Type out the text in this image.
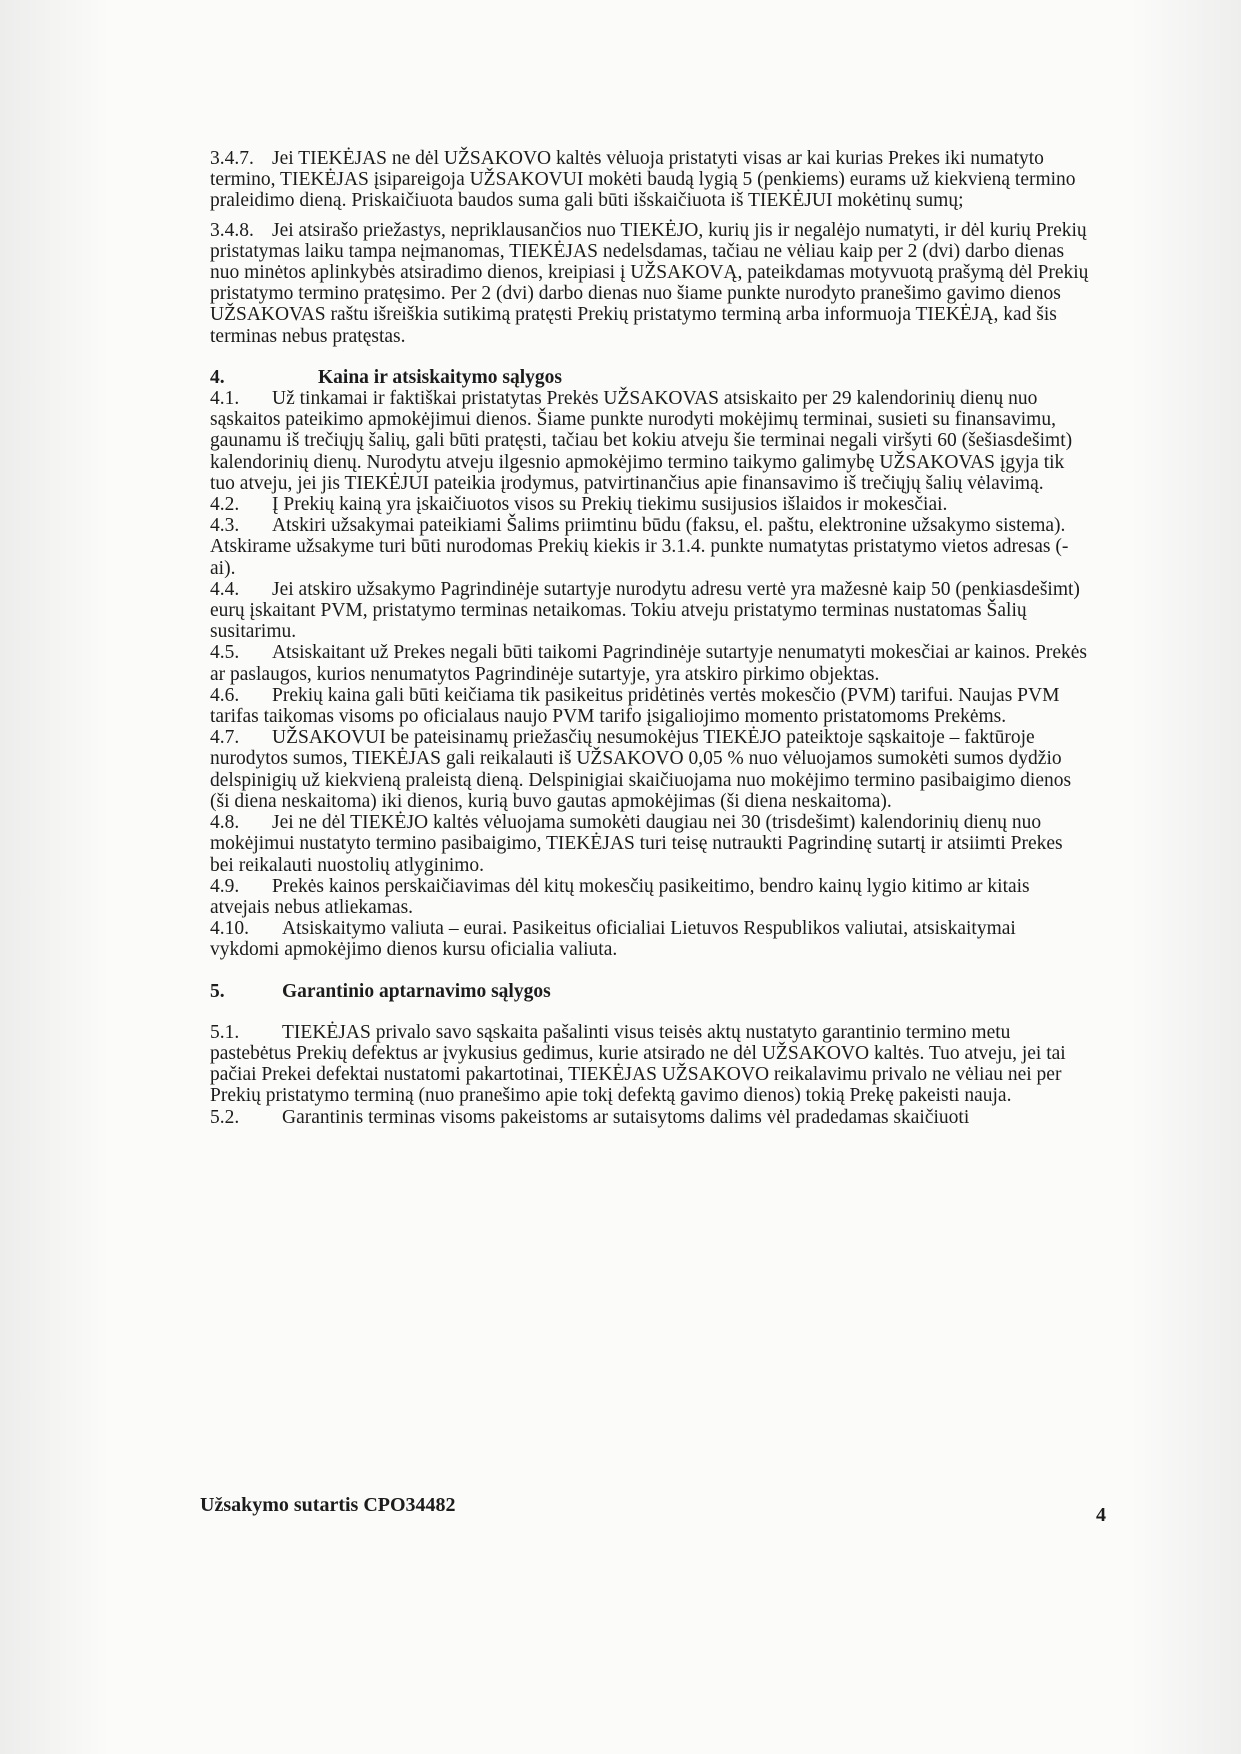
3.4.7. Jei TIEKĖJAS ne dėl UŽSAKOVO kaltės vėluoja pristatyti visas ar kai kurias Prekes iki numatyto termino, TIEKĖJAS įsipareigoja UŽSAKOVUI mokėti baudą lygią 5 (penkiems) eurams už kiekvieną termino praleidimo dieną. Priskaičiuota baudos suma gali būti išskaičiuota iš TIEKĖJUI mokėtinų sumų;

3.4.8. Jei atsirašo priežastys, nepriklausančios nuo TIEKĖJO, kurių jis ir negalėjo numatyti, ir dėl kurių Prekių pristatymas laiku tampa neįmanomas, TIEKĖJAS nedelsdamas, tačiau ne vėliau kaip per 2 (dvi) darbo dienas nuo minėtos aplinkybės atsiradimo dienos, kreipiasi į UŽSAKOVĄ, pateikdamas motyvuotą prašymą dėl Prekių pristatymo termino pratęsimo. Per 2 (dvi) darbo dienas nuo šiame punkte nurodyto pranešimo gavimo dienos UŽSAKOVAS raštu išreiškia sutikimą pratęsti Prekių pristatymo terminą arba informuoja TIEKĖJĄ, kad šis terminas nebus pratęstas.

4.	Kaina ir atsiskaitymo sąlygos

4.1. Už tinkamai ir faktiškai pristatytas Prekės UŽSAKOVAS atsiskaito per 29 kalendorinių dienų nuo sąskaitos pateikimo apmokėjimui dienos. Šiame punkte nurodyti mokėjimų terminai, susieti su finansavimu, gaunamu iš trečiųjų šalių, gali būti pratęsti, tačiau bet kokiu atveju šie terminai negali viršyti 60 (šešiasdešimt) kalendorinių dienų. Nurodytu atveju ilgesnio apmokėjimo termino taikymo galimybę UŽSAKOVAS įgyja tik tuo atveju, jei jis TIEKĖJUI pateikia įrodymus, patvirtinančius apie finansavimo iš trečiųjų šalių vėlavimą.

4.2. Į Prekių kainą yra įskaičiuotos visos su Prekių tiekimu susijusios išlaidos ir mokesčiai.

4.3. Atskiri užsakymai pateikiami Šalims priimtinu būdu (faksu, el. paštu, elektronine užsakymo sistema). Atskirame užsakyme turi būti nurodomas Prekių kiekis ir 3.1.4. punkte numatytas pristatymo vietos adresas (-ai).

4.4. Jei atskiro užsakymo Pagrindinėje sutartyje nurodytu adresu vertė yra mažesnė kaip 50 (penkiasdešimt) eurų įskaitant PVM, pristatymo terminas netaikomas. Tokiu atveju pristatymo terminas nustatomas Šalių susitarimu.

4.5. Atsiskaitant už Prekes negali būti taikomi Pagrindinėje sutartyje nenumatyti mokesčiai ar kainos. Prekės ar paslaugos, kurios nenumatytos Pagrindinėje sutartyje, yra atskiro pirkimo objektas.

4.6. Prekių kaina gali būti keičiama tik pasikeitus pridėtinės vertės mokesčio (PVM) tarifui. Naujas PVM tarifas taikomas visoms po oficialaus naujo PVM tarifo įsigaliojimo momento pristatomoms Prekėms.

4.7. UŽSAKOVUI be pateisinamų priežasčių nesumokėjus TIEKĖJO pateiktoje sąskaitoje – faktūroje nurodytos sumos, TIEKĖJAS gali reikalauti iš UŽSAKOVO 0,05 % nuo vėluojamos sumokėti sumos dydžio delspinigių už kiekvieną praleistą dieną. Delspinigiai skaičiuojama nuo mokėjimo termino pasibaigimo dienos (ši diena neskaitoma) iki dienos, kurią buvo gautas apmokėjimas (ši diena neskaitoma).

4.8. Jei ne dėl TIEKĖJO kaltės vėluojama sumokėti daugiau nei 30 (trisdešimt) kalendorinių dienų nuo mokėjimui nustatyto termino pasibaigimo, TIEKĖJAS turi teisę nutraukti Pagrindinę sutartį ir atsiimti Prekes bei reikalauti nuostolių atlyginimo.

4.9. Prekės kainos perskaičiavimas dėl kitų mokesčių pasikeitimo, bendro kainų lygio kitimo ar kitais atvejais nebus atliekamas.

4.10. Atsiskaitymo valiuta – eurai. Pasikeitus oficialiai Lietuvos Respublikos valiutai, atsiskaitymai vykdomi apmokėjimo dienos kursu oficialia valiuta.

5.	Garantinio aptarnavimo sąlygos

5.1. TIEKĖJAS privalo savo sąskaita pašalinti visus teisės aktų nustatyto garantinio termino metu pastebėtus Prekių defektus ar įvykusius gedimus, kurie atsirado ne dėl UŽSAKOVO kaltės. Tuo atveju, jei tai pačiai Prekei defektai nustatomi pakartotinai, TIEKĖJAS UŽSAKOVO reikalavimu privalo ne vėliau nei per Prekių pristatymo terminą (nuo pranešimo apie tokį defektą gavimo dienos) tokią Prekę pakeisti nauja.

5.2. Garantinis terminas visoms pakeistoms ar sutaisytoms dalims vėl pradedamas skaičiuoti

Užsakymo sutartis CPO34482	4
